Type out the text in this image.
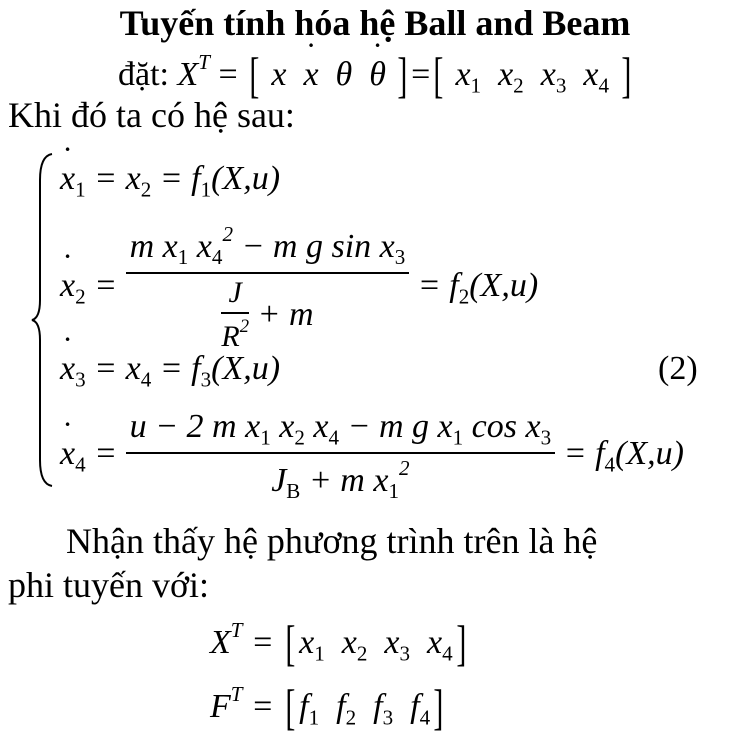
Tuyến tính hóa hệ Ball and Beam
đặt: $X^T$ = [ x  ˙ x  θ  ˙ θ ]=[ $x_1$  $x_2$  $x_3$  $x_4$ ]
Khi đó ta có hệ sau:
˙ $x_1 = x_2 = f_1(X,u)$
˙ $x_2 = \frac{m x_1 x_4^2 - m g \sin x_3}{\frac{J}{R^2} + m} = f_2(X,u)$
˙ $x_3 = x_4 = f_3(X,u)$	(2)
˙ $x_4 = \frac{u - 2 m x_1 x_2 x_4 - m g x_1 \cos x_3}{J_B + m x_1^2} = f_4(X,u)$
Nhận thấy hệ phương trình trên là hệ
phi tuyến với:
$X^T = [x_1$  $x_2$  $x_3$  $x_4$]
$F^T = [f_1$  $f_2$  $f_3$  $f_4$]
